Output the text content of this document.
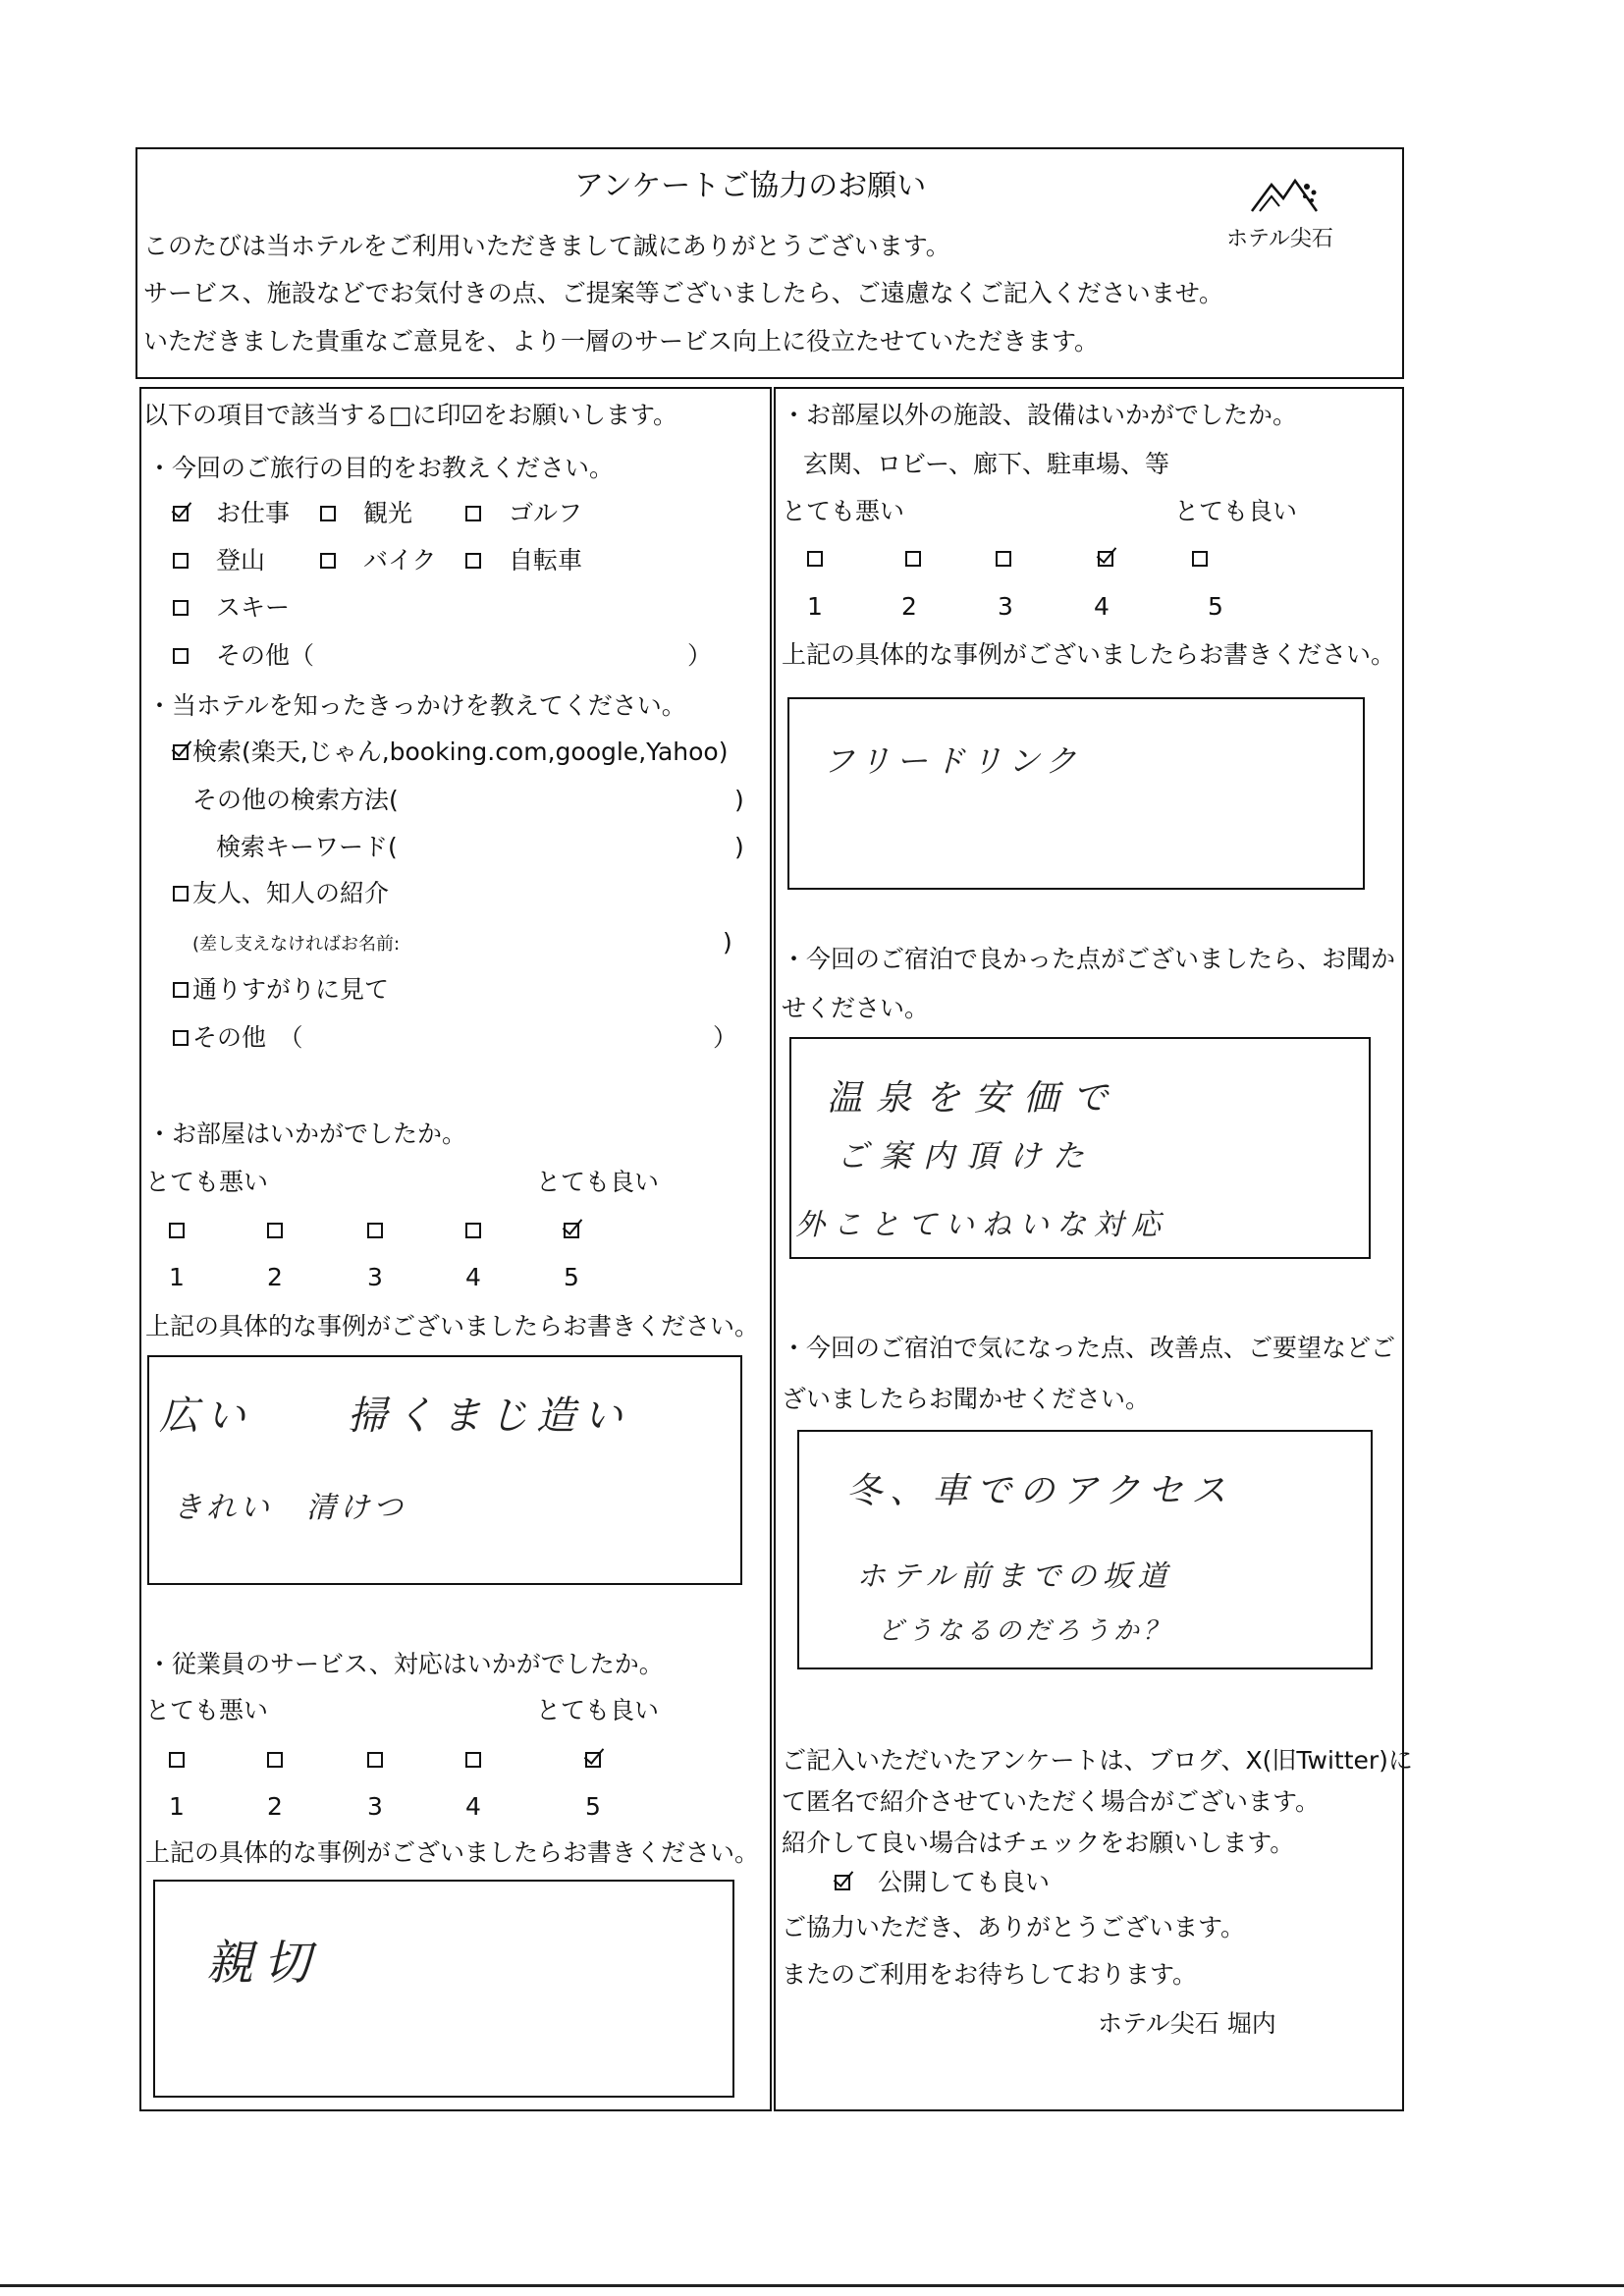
アンケートご協力のお願い
このたびは当ホテルをご利用いただきまして誠にありがとうございます。
サービス、施設などでお気付きの点、ご提案等ございましたら、ご遠慮なくご記入くださいませ。
いただきました貴重なご意見を、より一層のサービス向上に役立たせていただきます。
ホテル尖石
以下の項目で該当する□に印☑をお願いします。
・今回のご旅行の目的をお教えください。
お仕事	観光	ゴルフ
登山	バイク	自転車
スキー
その他（	）
・当ホテルを知ったきっかけを教えてください。
検索(楽天,じゃん,booking.com,google,Yahoo)
その他の検索方法(	)
検索キーワード(	)
友人、知人の紹介
(差し支えなければお名前:	)
通りすがりに見て
その他　（	）
・お部屋はいかがでしたか。
とても悪い	とても良い
1	2	3	4	5
上記の具体的な事例がございましたらお書きください。
広い　　掃くまじ造い
きれい　清けつ
・従業員のサービス、対応はいかがでしたか。
とても悪い	とても良い
1	2	3	4	5
上記の具体的な事例がございましたらお書きください。
親切
・お部屋以外の施設、設備はいかがでしたか。
玄関、ロビー、廊下、駐車場、等
とても悪い	とても良い
1	2	3	4	5
上記の具体的な事例がございましたらお書きください。
フリードリンク
・今回のご宿泊で良かった点がございましたら、お聞か
せください。
温泉を安価で
ご案内頂けた
外ことていねいな対応
・今回のご宿泊で気になった点、改善点、ご要望などご
ざいましたらお聞かせください。
冬、車でのアクセス
ホテル前までの坂道
どうなるのだろうか？
ご記入いただいたアンケートは、ブログ、X(旧Twitter)に
て匿名で紹介させていただく場合がございます。
紹介して良い場合はチェックをお願いします。
公開しても良い
ご協力いただき、ありがとうございます。
またのご利用をお待ちしております。
ホテル尖石 堀内
